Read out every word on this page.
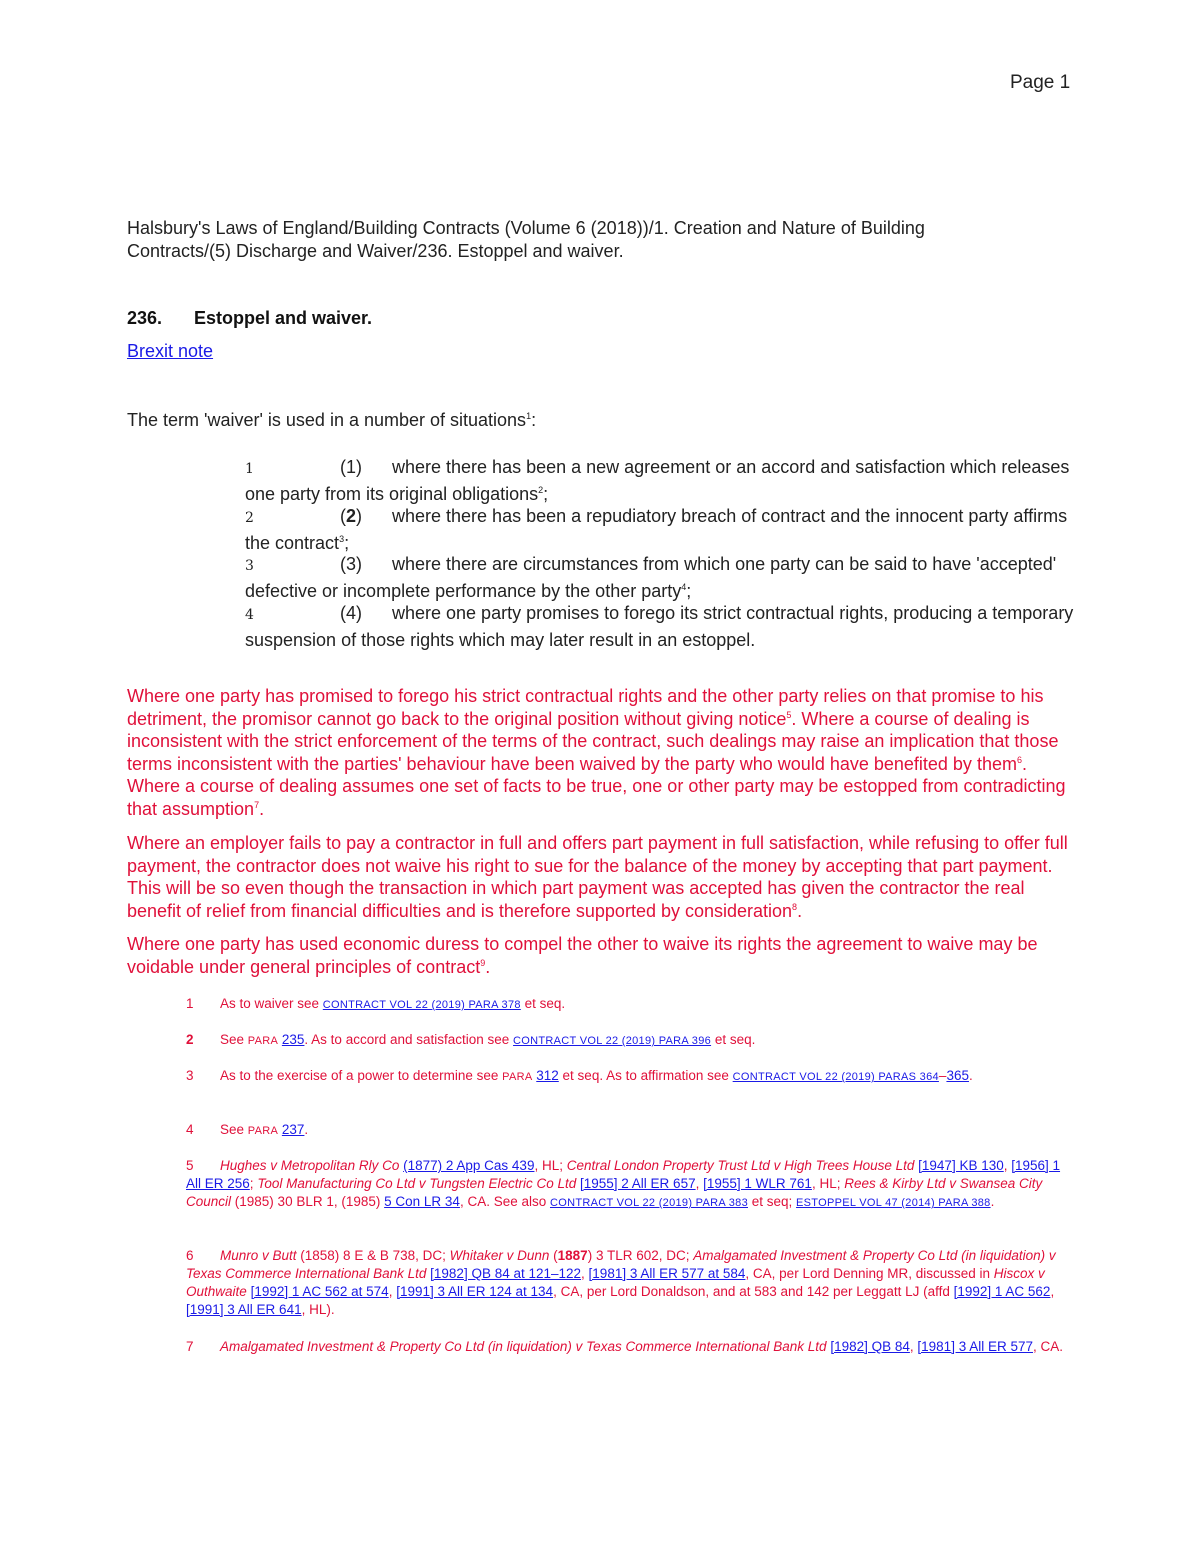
Page 1
Halsbury's Laws of England/Building Contracts (Volume 6 (2018))/1. Creation and Nature of Building Contracts/(5) Discharge and Waiver/236. Estoppel and waiver.
236. Estoppel and waiver.
Brexit note
The term 'waiver' is used in a number of situations$^1$:
1	(1) where there has been a new agreement or an accord and satisfaction which releases one party from its original obligations$^2$;
2	(2) where there has been a repudiatory breach of contract and the innocent party affirms the contract$^3$;
3	(3) where there are circumstances from which one party can be said to have 'accepted' defective or incomplete performance by the other party$^4$;
4	(4) where one party promises to forego its strict contractual rights, producing a temporary suspension of those rights which may later result in an estoppel.
Where one party has promised to forego his strict contractual rights and the other party relies on that promise to his detriment, the promisor cannot go back to the original position without giving notice$^5$. Where a course of dealing is inconsistent with the strict enforcement of the terms of the contract, such dealings may raise an implication that those terms inconsistent with the parties' behaviour have been waived by the party who would have benefited by them$^6$. Where a course of dealing assumes one set of facts to be true, one or other party may be estopped from contradicting that assumption$^7$.
Where an employer fails to pay a contractor in full and offers part payment in full satisfaction, while refusing to offer full payment, the contractor does not waive his right to sue for the balance of the money by accepting that part payment. This will be so even though the transaction in which part payment was accepted has given the contractor the real benefit of relief from financial difficulties and is therefore supported by consideration$^8$.
Where one party has used economic duress to compel the other to waive its rights the agreement to waive may be voidable under general principles of contract$^9$.
1 As to waiver see CONTRACT VOL 22 (2019) PARA 378 et seq.
2 See PARA 235. As to accord and satisfaction see CONTRACT VOL 22 (2019) PARA 396 et seq.
3 As to the exercise of a power to determine see PARA 312 et seq. As to affirmation see CONTRACT VOL 22 (2019) PARAS 364–365.
4 See PARA 237.
5 Hughes v Metropolitan Rly Co (1877) 2 App Cas 439, HL; Central London Property Trust Ltd v High Trees House Ltd [1947] KB 130, [1956] 1 All ER 256; Tool Manufacturing Co Ltd v Tungsten Electric Co Ltd [1955] 2 All ER 657, [1955] 1 WLR 761, HL; Rees & Kirby Ltd v Swansea City Council (1985) 30 BLR 1, (1985) 5 Con LR 34, CA. See also CONTRACT VOL 22 (2019) PARA 383 et seq; ESTOPPEL VOL 47 (2014) PARA 388.
6 Munro v Butt (1858) 8 E & B 738, DC; Whitaker v Dunn (1887) 3 TLR 602, DC; Amalgamated Investment & Property Co Ltd (in liquidation) v Texas Commerce International Bank Ltd [1982] QB 84 at 121–122, [1981] 3 All ER 577 at 584, CA, per Lord Denning MR, discussed in Hiscox v Outhwaite [1992] 1 AC 562 at 574, [1991] 3 All ER 124 at 134, CA, per Lord Donaldson, and at 583 and 142 per Leggatt LJ (affd [1992] 1 AC 562, [1991] 3 All ER 641, HL).
7 Amalgamated Investment & Property Co Ltd (in liquidation) v Texas Commerce International Bank Ltd [1982] QB 84, [1981] 3 All ER 577, CA.
